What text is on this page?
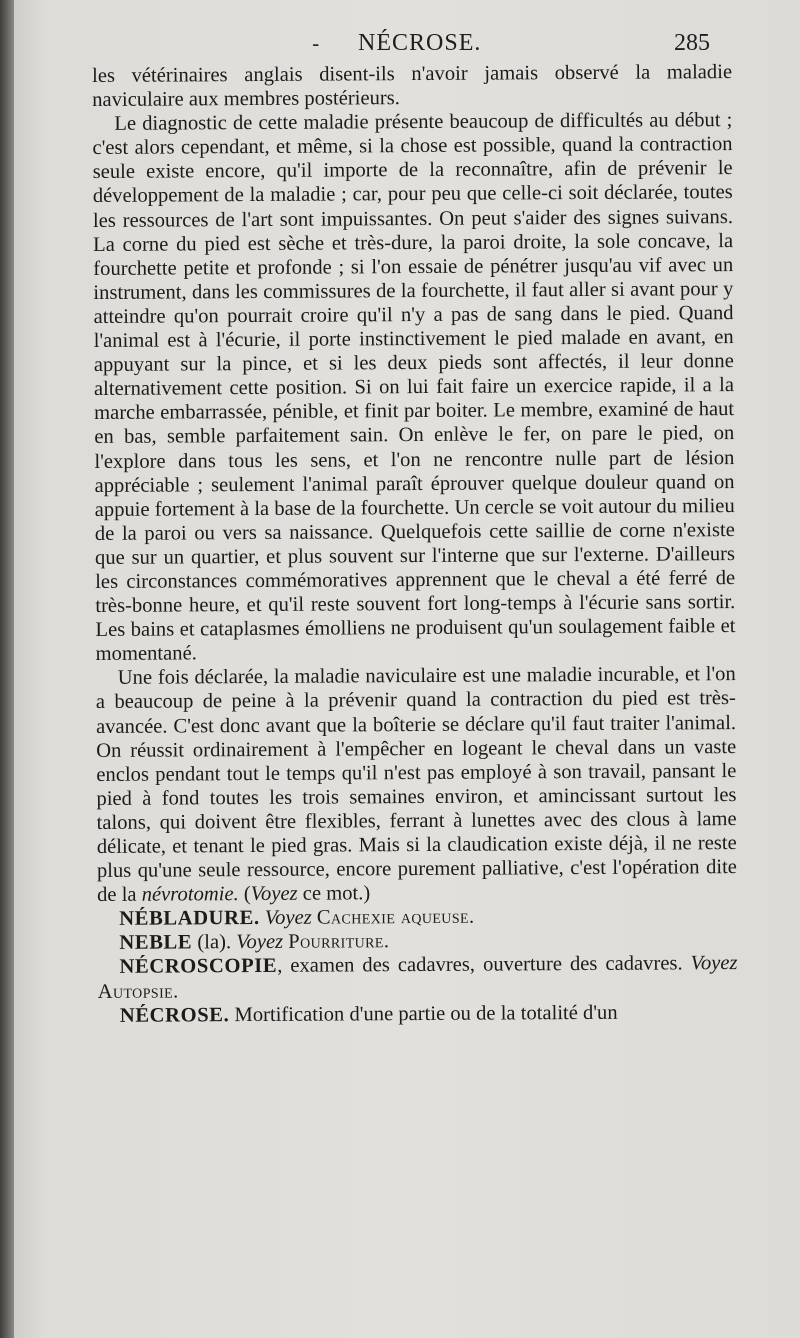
- NÉCROSE.	285

les vétérinaires anglais disent-ils n'avoir jamais observé la maladie naviculaire aux membres postérieurs.

Le diagnostic de cette maladie présente beaucoup de difficultés au début ; c'est alors cependant, et même, si la chose est possible, quand la contraction seule existe encore, qu'il importe de la reconnaître, afin de prévenir le développement de la maladie ; car, pour peu que celle-ci soit déclarée, toutes les ressources de l'art sont impuissantes. On peut s'aider des signes suivans. La corne du pied est sèche et très-dure, la paroi droite, la sole concave, la fourchette petite et profonde ; si l'on essaie de pénétrer jusqu'au vif avec un instrument, dans les commissures de la fourchette, il faut aller si avant pour y atteindre qu'on pourrait croire qu'il n'y a pas de sang dans le pied. Quand l'animal est à l'écurie, il porte instinctivement le pied malade en avant, en appuyant sur la pince, et si les deux pieds sont affectés, il leur donne alternativement cette position. Si on lui fait faire un exercice rapide, il a la marche embarrassée, pénible, et finit par boiter. Le membre, examiné de haut en bas, semble parfaitement sain. On enlève le fer, on pare le pied, on l'explore dans tous les sens, et l'on ne rencontre nulle part de lésion appréciable ; seulement l'animal paraît éprouver quelque douleur quand on appuie fortement à la base de la fourchette. Un cercle se voit autour du milieu de la paroi ou vers sa naissance. Quelquefois cette saillie de corne n'existe que sur un quartier, et plus souvent sur l'interne que sur l'externe. D'ailleurs les circonstances commémoratives apprennent que le cheval a été ferré de très-bonne heure, et qu'il reste souvent fort long-temps à l'écurie sans sortir. Les bains et cataplasmes émolliens ne produisent qu'un soulagement faible et momentané.

Une fois déclarée, la maladie naviculaire est une maladie incurable, et l'on a beaucoup de peine à la prévenir quand la contraction du pied est très-avancée. C'est donc avant que la boîterie se déclare qu'il faut traiter l'animal. On réussit ordinairement à l'empêcher en logeant le cheval dans un vaste enclos pendant tout le temps qu'il n'est pas employé à son travail, pansant le pied à fond toutes les trois semaines environ, et amincissant surtout les talons, qui doivent être flexibles, ferrant à lunettes avec des clous à lame délicate, et tenant le pied gras. Mais si la claudication existe déjà, il ne reste plus qu'une seule ressource, encore purement palliative, c'est l'opération dite de la névrotomie. (Voyez ce mot.)

NÉBLADURE. Voyez Cachexie aqueuse.

NEBLE (la). Voyez Pourriture.

NÉCROSCOPIE, examen des cadavres, ouverture des cadavres. Voyez Autopsie.

NÉCROSE. Mortification d'une partie ou de la totalité d'un
